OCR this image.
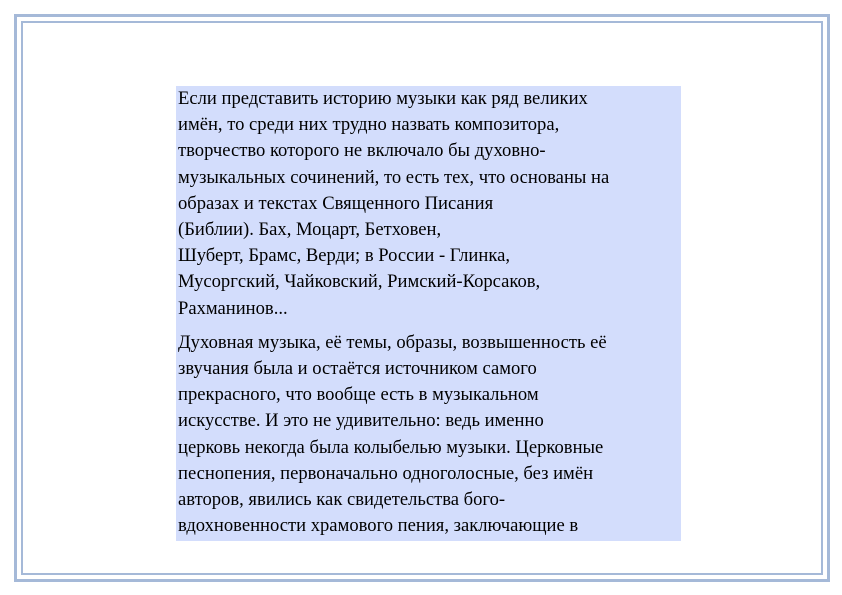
Если представить историю музыки как ряд великих
имён, то среди них трудно назвать композитора,
творчество которого не включало бы духовно-
музыкальных сочинений, то есть тех, что основаны на
образах и текстах Священного Писания
(Библии). Бах, Моцарт, Бетховен,
Шуберт, Брамс, Верди; в России - Глинка,
Мусоргский, Чайковский, Римский-Корсаков,
Рахманинов...

Духовная музыка, её темы, образы, возвышенность её
звучания была и остаётся источником самого
прекрасного, что вообще есть в музыкальном
искусстве. И это не удивительно: ведь именно
церковь некогда была колыбелью музыки. Церковные
песнопения, первоначально одноголосные, без имён
авторов, явились как свидетельства бого-
вдохновенности храмового пения, заключающие в
